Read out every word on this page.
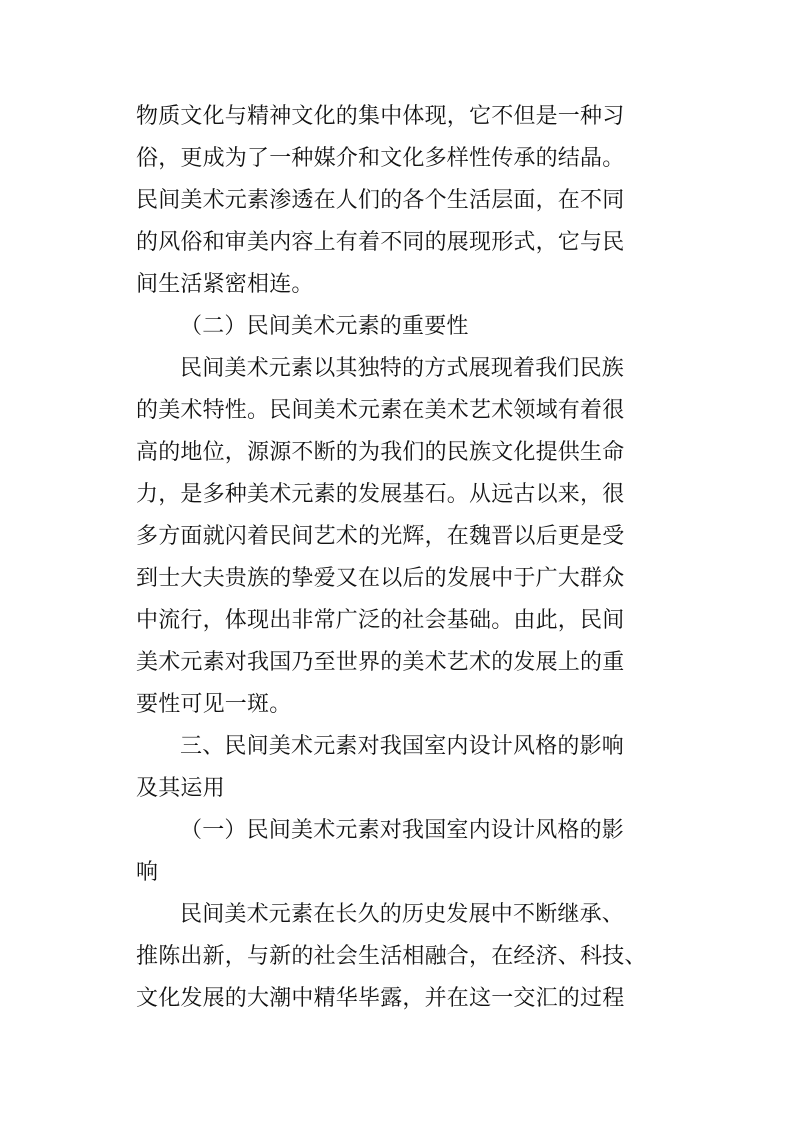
物质文化与精神文化的集中体现，它不但是一种习
俗，更成为了一种媒介和文化多样性传承的结晶。
民间美术元素渗透在人们的各个生活层面，在不同
的风俗和审美内容上有着不同的展现形式，它与民
间生活紧密相连。
（二）民间美术元素的重要性
民间美术元素以其独特的方式展现着我们民族
的美术特性。民间美术元素在美术艺术领域有着很
高的地位，源源不断的为我们的民族文化提供生命
力，是多种美术元素的发展基石。从远古以来，很
多方面就闪着民间艺术的光辉，在魏晋以后更是受
到士大夫贵族的挚爱又在以后的发展中于广大群众
中流行，体现出非常广泛的社会基础。由此，民间
美术元素对我国乃至世界的美术艺术的发展上的重
要性可见一斑。
三、民间美术元素对我国室内设计风格的影响
及其运用
（一）民间美术元素对我国室内设计风格的影
响
民间美术元素在长久的历史发展中不断继承、
推陈出新，与新的社会生活相融合，在经济、科技、
文化发展的大潮中精华毕露，并在这一交汇的过程
